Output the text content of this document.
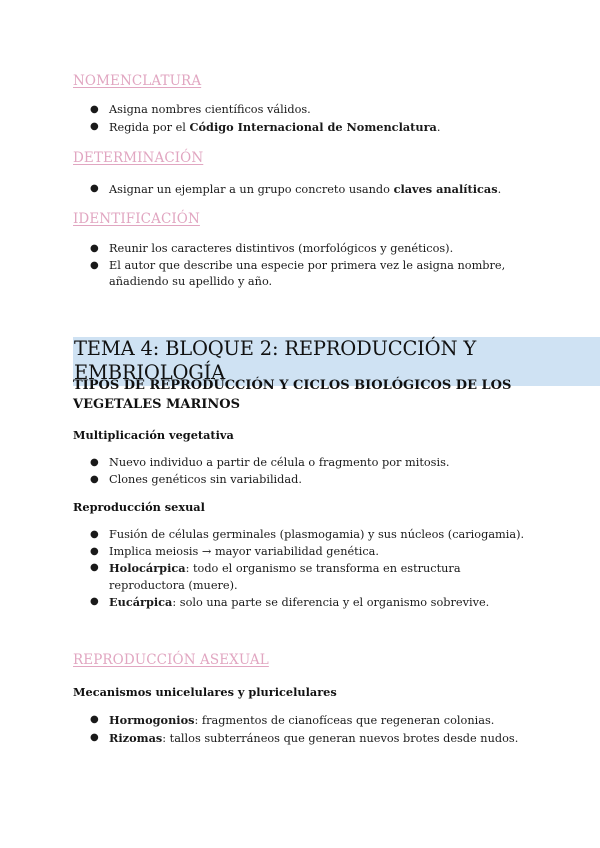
NOMENCLATURA
● Asigna nombres científicos válidos.
● Regida por el Código Internacional de Nomenclatura.
DETERMINACIÓN
● Asignar un ejemplar a un grupo concreto usando claves analíticas.
IDENTIFICACIÓN
● Reunir los caracteres distintivos (morfológicos y genéticos).
● El autor que describe una especie por primera vez le asigna nombre, añadiendo su apellido y año.
TEMA 4: BLOQUE 2: REPRODUCCIÓN Y EMBRIOLOGÍA
TIPOS DE REPRODUCCIÓN Y CICLOS BIOLÓGICOS DE LOS VEGETALES MARINOS
Multiplicación vegetativa
● Nuevo individuo a partir de célula o fragmento por mitosis.
● Clones genéticos sin variabilidad.
Reproducción sexual
● Fusión de células germinales (plasmogamia) y sus núcleos (cariogamia).
● Implica meiosis → mayor variabilidad genética.
● Holocárpica: todo el organismo se transforma en estructura reproductora (muere).
● Eucárpica: solo una parte se diferencia y el organismo sobrevive.
REPRODUCCIÓN ASEXUAL
Mecanismos unicelulares y pluricelulares
● Hormogonios: fragmentos de cianofíceas que regeneran colonias.
● Rizomas: tallos subterráneos que generan nuevos brotes desde nudos.
